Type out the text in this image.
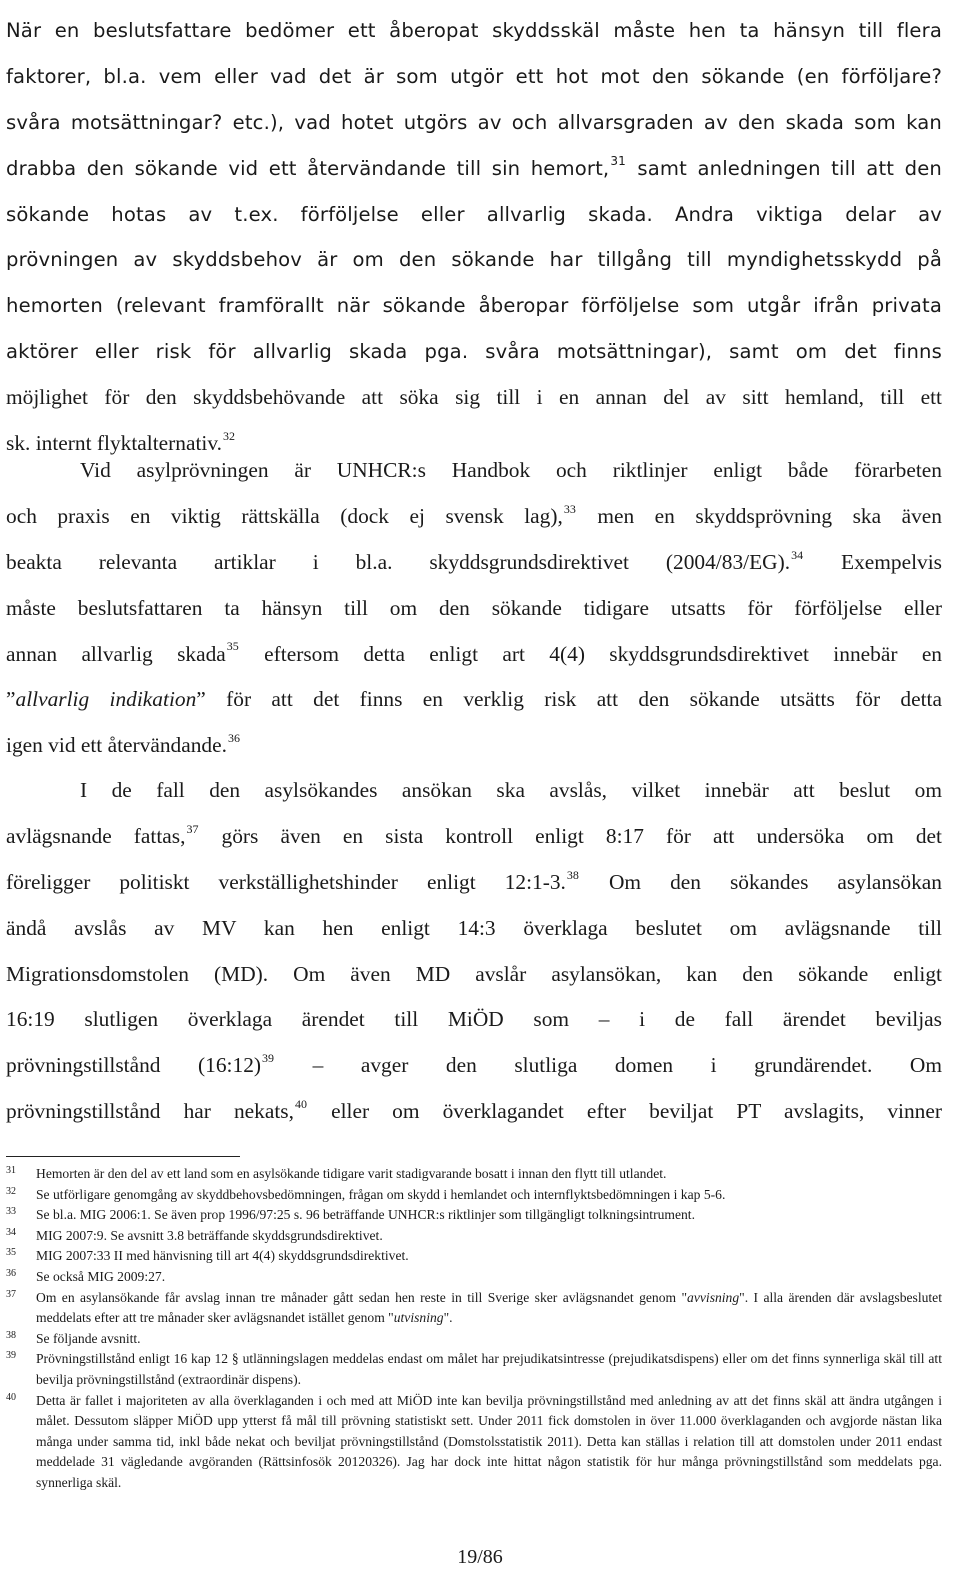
När en beslutsfattare bedömer ett åberopat skyddsskäl måste hen ta hänsyn till flera
faktorer, bl.a. vem eller vad det är som utgör ett hot mot den sökande (en förföljare?
svåra motsättningar? etc.), vad hotet utgörs av och allvarsgraden av den skada som kan
drabba den sökande vid ett återvändande till sin hemort,$^{31}$ samt anledningen till att den
sökande hotas av t.ex. förföljelse eller allvarlig skada. Andra viktiga delar av
prövningen av skyddsbehov är om den sökande har tillgång till myndighetsskydd på
hemorten (relevant framförallt när sökande åberopar förföljelse som utgår ifrån privata
aktörer eller risk för allvarlig skada pga. svåra motsättningar), samt om det finns
möjlighet för den skyddsbehövande att söka sig till i en annan del av sitt hemland, till ett
sk. internt flyktalternativ.$^{32}$
Vid asylprövningen är UNHCR:s Handbok och riktlinjer enligt både förarbeten
och praxis en viktig rättskälla (dock ej svensk lag),$^{33}$ men en skyddsprövning ska även
beakta relevanta artiklar i bl.a. skyddsgrundsdirektivet (2004/83/EG).$^{34}$ Exempelvis
måste beslutsfattaren ta hänsyn till om den sökande tidigare utsatts för förföljelse eller
annan allvarlig skada$^{35}$ eftersom detta enligt art 4(4) skyddsgrundsdirektivet innebär en
”allvarlig indikation” för att det finns en verklig risk att den sökande utsätts för detta
igen vid ett återvändande.$^{36}$
I de fall den asylsökandes ansökan ska avslås, vilket innebär att beslut om
avlägsnande fattas,$^{37}$ görs även en sista kontroll enligt 8:17 för att undersöka om det
föreligger politiskt verkställighetshinder enligt 12:1-3.38 Om den sökandes asylansökan
ändå avslås av MV kan hen enligt 14:3 överklaga beslutet om avlägsnande till
Migrationsdomstolen (MD). Om även MD avslår asylansökan, kan den sökande enligt
16:19 slutligen överklaga ärendet till MiÖD som – i de fall ärendet beviljas
prövningstillstånd (16:12)$^{39}$ – avger den slutliga domen i grundärendet. Om
prövningstillstånd har nekats,$^{40}$ eller om överklagandet efter beviljat PT avslagits, vinner
31 Hemorten är den del av ett land som en asylsökande tidigare varit stadigvarande bosatt i innan den flytt till utlandet.
32 Se utförligare genomgång av skyddbehovsbedömningen, frågan om skydd i hemlandet och internflyktsbedömningen i kap 5-6.
33 Se bl.a. MIG 2006:1. Se även prop 1996/97:25 s. 96 beträffande UNHCR:s riktlinjer som tillgängligt tolkningsintrument.
34 MIG 2007:9. Se avsnitt 3.8 beträffande skyddsgrundsdirektivet.
35 MIG 2007:33 II med hänvisning till art 4(4) skyddsgrundsdirektivet.
36 Se också MIG 2009:27.
37 Om en asylansökande får avslag innan tre månader gått sedan hen reste in till Sverige sker avlägsnandet genom "avvisning". I alla ärenden där avslagsbeslutet meddelats efter att tre månader sker avlägsnandet istället genom "utvisning".
38 Se följande avsnitt.
39 Prövningstillstånd enligt 16 kap 12 § utlänningslagen meddelas endast om målet har prejudikatsintresse (prejudikatsdispens) eller om det finns synnerliga skäl till att bevilja prövningstillstånd (extraordinär dispens).
40 Detta är fallet i majoriteten av alla överklaganden i och med att MiÖD inte kan bevilja prövningstillstånd med anledning av att det finns skäl att ändra utgången i målet. Dessutom släpper MiÖD upp ytterst få mål till prövning statistiskt sett. Under 2011 fick domstolen in över 11.000 överklaganden och avgjorde nästan lika många under samma tid, inkl både nekat och beviljat prövningstillstånd (Domstolsstatistik 2011). Detta kan ställas i relation till att domstolen under 2011 endast meddelade 31 vägledande avgöranden (Rättsinfosök 20120326). Jag har dock inte hittat någon statistik för hur många prövningstillstånd som meddelats pga. synnerliga skäl.
19/86
